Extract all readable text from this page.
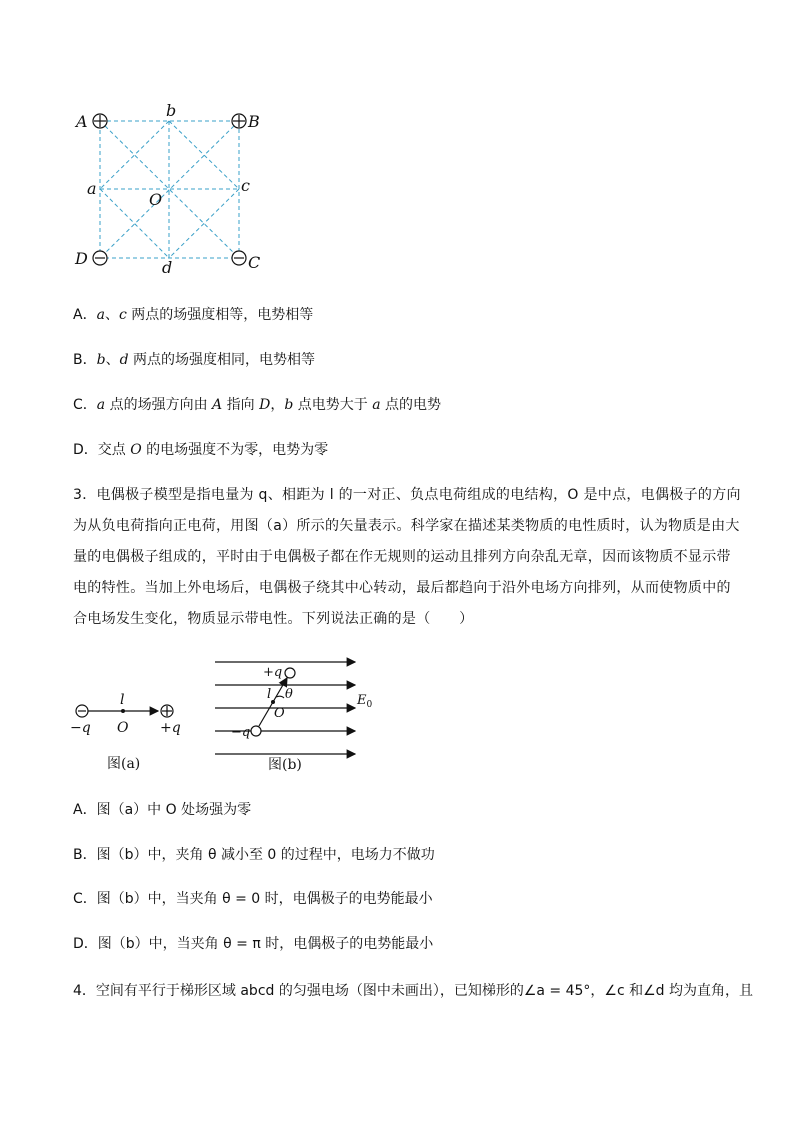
A	B
C
D
a
b
c
d
O
A．a、c 两点的场强度相等，电势相等
B．b、d 两点的场强度相同，电势相等
C．a 点的场强方向由 A 指向 D，b 点电势大于 a 点的电势
D．交点 O 的电场强度不为零，电势为零
3．电偶极子模型是指电量为 q、相距为 l 的一对正、负点电荷组成的电结构，O 是中点，电偶极子的方向
为从负电荷指向正电荷，用图（a）所示的矢量表示。科学家在描述某类物质的电性质时，认为物质是由大
量的电偶极子组成的，平时由于电偶极子都在作无规则的运动且排列方向杂乱无章，因而该物质不显示带
电的特性。当加上外电场后，电偶极子绕其中心转动，最后都趋向于沿外电场方向排列，从而使物质中的
合电场发生变化，物质显示带电性。下列说法正确的是（　　）
l
−q O +q
图(a)
+q
l θ
O
−q
$E_0$
图(b)
A．图（a）中 O 处场强为零
B．图（b）中，夹角 θ 减小至 0 的过程中，电场力不做功
C．图（b）中，当夹角 θ = 0 时，电偶极子的电势能最小
D．图（b）中，当夹角 θ = π 时，电偶极子的电势能最小
4．空间有平行于梯形区域 abcd 的匀强电场（图中未画出），已知梯形的∠a = 45°，∠c 和∠d 均为直角，且
